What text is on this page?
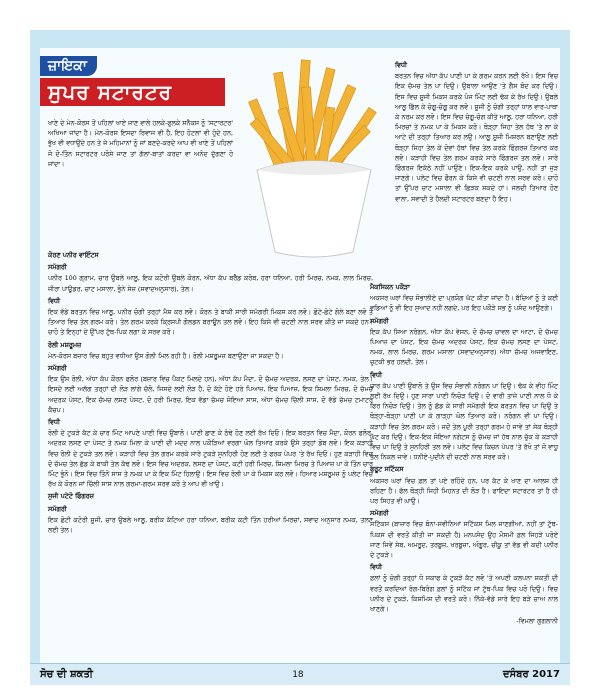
ਜ਼ਾਇਕਾ
ਸੁਪਰ ਸਟਾਰਟਰ

ਖਾਣੇ ਦੇ ਮੇਨ-ਕੋਰਸ ਤੋਂ ਪਹਿਲਾਂ ਖਾਏ ਜਾਣ ਵਾਲੇ ਹਲਕੇ-ਫੁਲਕੇ ਸਨੈਕਸ ਨੂੰ 'ਸਟਾਰਟਰ' ਅਖਿਆ ਜਾਂਦਾ ਹੈ। ਮੇਨ-ਕੋਰਸ ਇਸਦਾ ਰਿਵਾਜ ਵੀ ਹੈ, ਇਹ ਹੋਟਲਾਂ ਵੀ ਹੁੰਦੇ ਹਨ, ਭੁੱਖ ਵੀ ਵਧਾਉਂਦੇ ਹਨ ਤੇ ਜੇ ਮਹਿਮਾਨਾਂ ਨੂੰ ਜਾਂ ਬਣਦੇ-ਕਰਦੇ ਆਪ ਵੀ ਖਾਣੇ ਤੋਂ ਪਹਿਲਾਂ ਜੋ ਦੋ-ਤਿੰਨ ਸਟਾਰਟਰ ਪਰੋਸੇ ਜਾਣ ਤਾਂ ਗੱਲਾਂ-ਬਾਤਾਂ ਕਰਦਾ ਵਾ ਅਨੰਦ ਦੁੱਗਣਾ ਹੋ ਜਾਂਦਾ।

ਕੋਰਣ ਪਨੀਰ ਵਾਇੰਟਸ
ਸਮੱਗਰੀ

ਪਨੀਰ 100 ਗ੍ਰਾਮ, ਚਾਰ ਉਬਲੇ ਆਲੂ, ਇਕ ਕਟੋਰੀ ਉਬਲੇ ਕੋਰਨ, ਅੱਧਾ ਕੱਪ ਬਰੈੱਡ ਕਰੰਬ, ਹਰਾ ਧਨਿਆ, ਹਰੀ ਮਿਰਚ, ਨਮਕ, ਲਾਲ ਮਿਰਚ, ਜੀਰਾ ਪਾਊਡਰ, ਚਾਟ ਮਸਾਲਾ, ਭੁੰਨੇ ਸੇਜ਼ (ਸਵਾਦਅਨੁਸਾਰ), ਤੇਲ।

ਵਿਧੀ

ਇਕ ਵੱਡੇ ਬਰਤਨ ਵਿਚ ਆਲੂ, ਪਨੀਰ ਚੰਗੀ ਤਰ੍ਹਾਂ ਮੈਸ਼ ਕਰ ਲਵੋ। ਕੋਰਨ ਤੇ ਬਾਕੀ ਸਾਰੀ ਸਮੱਗਰੀ ਮਿਕਸ ਕਰ ਲਵੋ। ਛੋਟੇ-ਛੋਟੇ ਗੋਲੇ ਬਣਾ ਲਵੋ ਤੇ ਤਿਆਰ ਵਿਚ ਤੇਲ ਗਰਮ ਕਰੋ। ਤੇਲ ਗਰਮ ਕਰਕੇ ਕ੍ਰਿਸਪੀ ਗੋਲਡਨ ਬਰਾਊਨ ਤਲ ਲਵੋ। ਇਹ ਕਿਸੇ ਵੀ ਚਟਣੀ ਨਾਲ ਸਰਵ ਕੀਤੇ ਜਾ ਸਕਦੇ ਹਨ। ਚਾਹੋ ਤੇ ਇਨ੍ਹਾਂ ਦੇ ਉੱਪਰ ਟੁੱਥ-ਪਿਕ ਲਗਾ ਕੇ ਸਰਵ ਕਰੋ।

ਰੋਲੀ ਮਸ਼ਰੂਮਜ਼

ਮੇਨ-ਕੋਰਸ ਬਜ਼ਾਰ ਵਿਚ ਬਹੁਤ ਵਧੀਆ ਉਸ ਗੋਲੀ ਮਿਲ ਰਹੀ ਹੈ। ਰੋਲੀ ਮਸ਼ਰੂਮਜ਼ ਬਣਾਉਣਾ ਜਾ ਸਕਦਾ ਹੈ।

ਸਮੱਗਰੀ

ਇਕ ਉਸ ਰੋਲੀ, ਅੱਧਾ ਕੱਪ ਕੌਰਨ ਫਲੋਰ (ਬਜ਼ਾਰ ਵਿਚ ਪੈਕਟ ਮਿਲਦੇ ਹਨ), ਅੱਧਾ ਕੱਪ ਮੈਦਾ, ਦੋ ਚੱਮਚ ਅਦਰਕ, ਲਸਣ ਦਾ ਪੇਸਟ, ਨਮਕ, ਤੇਲ। ਇਸਦੇ ਲਈ ਅਲੱਗ ਤਰ੍ਹਾਂ ਦੀ ਲੋੜ ਲਾਂਗੇ ਚੱਲੋ, ਜਿਸਦੇ ਲਈ ਲੋੜ ਹੈ, ਦੋ ਕੱਟੇ ਹੋਏ ਹਰੇ ਪਿਆਜ਼, ਇਕ ਪਿਆਜ਼, ਇਕ ਸ਼ਿਮਲਾ ਮਿਰਚ, ਦੋ ਚੱਮਚ ਅਦਰਕ ਪੇਸਟ, ਇਕ ਚੱਮਚ ਲਸਣ ਪੇਸਟ, ਦੋ ਹਰੀ ਮਿਰਚ, ਇਕ ਵੱਡਾ ਚੱਮਚ ਸੋਇਆ ਸਾਸ, ਅੱਧਾ ਚੱਮਚ ਚਿੱਲੀ ਸਾਸ, ਦੋ ਵੱਡੇ ਚੱਮਚ ਟਮਾਟਰ ਕੈਚਪ।

ਵਿਧੀ

ਰੋਲੀ ਦੇ ਟੁਕੜੇ ਕੱਟ ਕੇ ਚਾਰ ਮਿੰਟ ਆਪਣੇ ਪਾਣੀ ਵਿਚ ਉਬਾਲੋ। ਪਾਣੀ ਛਾਣ ਕੇ ਠੰਢੇ ਹੋਣ ਲਈ ਰੱਖ ਦਿਓ। ਇਕ ਬਰਤਨ ਵਿਚ ਮੈਦਾ, ਕੋਰਨ ਫਲੋਰ, ਅਦਰਕ ਲਸਣ ਦਾ ਪੇਸਟ ਤੇ ਨਮਕ ਮਿਲਾ ਕੇ ਪਾਣੀ ਦੀ ਮਦਦ ਨਾਲ ਪਕੌੜਿਆਂ ਵਰਗਾ ਘੋਲ ਤਿਆਰ ਕਰਕੇ ਉਸੇ ਤਰ੍ਹਾਂ ਡੋਬ ਲਵੋ। ਇਕ ਕੜਾਹੀ ਵਿਚ ਰੋਲੀ ਦੇ ਟੁਕੜੇ ਤਲ ਲਵੋ। ਕੜਾਹੀ ਵਿਚ ਤੇਲ ਗਰਮ ਕਰਕੇ ਸਾਰੇ ਟੁਕੜੇ ਸੁਨਹਿਰੀ ਹੋਣ ਲਈ ਤੇ ਫਰਕ ਪੇਪਰ 'ਤੇ ਰੱਖ ਦਿਓ। ਹੁਣ ਕੜਾਹੀ ਵਿਚ ਦੋ ਚੱਮਚ ਤੇਲ ਛੱਡ ਕੇ ਬਾਕੀ ਤੇਲ ਕੱਢ ਲਵੋ। ਇਸ ਵਿਚ ਅਦਰਕ, ਲਸਣ ਦਾ ਪੇਸਟ, ਕਟੀ ਹਰੀ ਮਿਰਚ, ਸ਼ਿਮਲਾ ਮਿਰਚ ਤੇ ਪਿਆਜ਼ ਪਾ ਕੇ ਤਿੰਨ ਚਾਰ ਮਿੰਟ ਭੁੰਨੋ। ਇਸ ਵਿਚ ਤਿੰਨੋਂ ਸਾਸ ਤੇ ਨਮਕ ਪਾ ਕੇ ਇਕ ਮਿੰਟ ਹਿਲਾਉ। ਇਸ ਵਿਚ ਰੋਲੀ ਪਾ ਕੇ ਮਿਕਸ ਕਰ ਲਵੋ। ਹਿਆਰ ਮਸ਼ਰੂਮਜ਼ ਨੂੰ ਪਲੇਟ ਵਿਚ ਰੱਖ ਕੇ ਕੋਰਨ ਜਾਂ ਚਿੱਲੀ ਸਾਸ ਨਾਲ ਗਰਮਾ-ਗਰਮ ਸਰਵ ਕਰੋ ਤੇ ਆਪ ਵੀ ਖਾਉ।

ਸੁਜੀ ਪਟੇਟੋ ਫਿੰਗਰਜ਼
ਸਮੱਗਰੀ

ਇਕ ਛੋਟੀ ਕਟੋਰੀ ਸੂਜੀ, ਚਾਰ ਉਬਲੇ ਆਲੂ, ਬਰੀਕ ਕੱਟਿਆ ਹਰਾ ਧਨਿਆ, ਬਰੀਕ ਕਟੀ ਤਿੰਨ ਹਰੀਆਂ ਮਿਰਚਾਂ, ਸਵਾਦ ਅਨੁਸਾਰ ਨਮਕ, ਤਲਣ ਲਈ ਤੇਲ।

ਵਿਧੀ

ਬਰਤਨ ਵਿਚ ਅੱਧਾ ਕੱਪ ਪਾਣੀ ਪਾ ਕੇ ਗਰਮ ਕਰਨ ਲਈ ਰੱਖੋ। ਇਸ ਵਿਚ ਇਕ ਚੱਮਚ ਤੇਲ ਪਾ ਦਿਉ। ਉਬਾਲਾ ਆਉਣ 'ਤੇ ਗੈਸ ਬੰਦ ਕਰ ਦਿਉ। ਇਸ ਵਿਚ ਸੂਜੀ ਮਿਕਸ ਕਰਕੇ ਪੰਜ ਮਿੰਟ ਲਈ ਢੱਕ ਕੇ ਰੱਖ ਦਿਉ। ਉਬਲੇ ਆਲੂ ਛਿੱਲ ਕੇ ਚੰਗੂ-ਚੰਗੂ ਕਰ ਲਵੋ। ਸੂਜੀ ਨੂੰ ਚੰਗੀ ਤਰ੍ਹਾਂ ਧਾਲ ਵਾਰ-ਪਾਥਾ ਕੇ ਨਰਮ ਕਰ ਲਵੋ। ਇਸ ਵਿਚ ਚੰਗੂ-ਚੰਗ ਕੀਤੇ ਆਲੂ, ਹਰਾ ਧਨਿਆ, ਹਰੀ ਮਿਰਚਾਂ ਤੇ ਨਮਕ ਪਾ ਕੇ ਮਿਕਸ ਕਰੋ। ਥੋੜ੍ਹਾ ਜਿਹਾ ਤੇਲ ਹੱਥ 'ਤੇ ਲਾ ਕੇ ਆਟੇ ਦੀ ਤਰ੍ਹਾਂ ਤਿਆਰ ਕਰ ਲਉ। ਆਲੂ ਸੂਜੀ ਮਿਸ਼ਰਨ ਬਣਾਉਣ ਲਈ ਥੋੜ੍ਹਾ ਜਿਹਾ ਤੇਲ ਕੇ ਦੋਵਾਂ ਹੱਥਾਂ ਵਿਚ ਤੇਲ ਕਰਕੇ ਫਿੰਗਰਜ਼ ਤਿਆਰ ਕਰ ਲਵੋ। ਕੜਾਹੀ ਵਿਚ ਤੇਲ ਗਰਮ ਕਰਕੇ ਸਾਰੇ ਫਿੰਗਰਜ਼ ਤਲ ਲਵੋ। ਸਾਰੇ ਫਿੰਗਰਜ਼ ਇਕੱਠੇ ਨਹੀਂ ਪਾਉਣੇ। ਇਕ-ਇਕ ਕਰਕੇ ਪਾਉ, ਨਹੀਂ ਤਾਂ ਜੁੜ ਜਾਣਗੇ। ਪਲੇਟ ਵਿਚ ਫੌਰਨ ਕੇ ਕਿਸੇ ਵੀ ਚਟਣੀ ਨਾਲ ਸਰਵ ਕਰੋ। ਚਾਹੋ ਤਾਂ ਉੱਪਰ ਚਾਟ ਮਸਾਲਾ ਵੀ ਛਿੜਕ ਸਕਦੇ ਹਾਂ। ਜਲਦੀ ਤਿਆਰ ਹੋਣ ਵਾਲਾ, ਸਵਾਦੀ ਤੇ ਹੈਲਦੀ ਸਟਾਰਟਰ ਬਣਦਾ ਹੈ ਇਹ।

ਮੈਕਸਿਕਨ ਪਕੌੜਾ

ਅਕਸਰ ਘਰਾਂ ਵਿਚ ਸੰਭਾਲੀਏ ਦਾ ਪ੍ਰਯੋਗ ਘੱਟ ਕੀਤਾ ਜਾਂਦਾ ਹੈ। ਬੱਚਿਆਂ ਨੂੰ ਤੇ ਕਈ ਵਡਿਆਂ ਨੂੰ ਵੀ ਇਹ ਸੁਆਦ ਨਹੀਂ ਲਗਦੇ, ਪਰ ਇਹ ਪਕੌੜੇ ਸਭ ਨੂੰ ਪਸੰਦ ਆਉਣਗੇ।

ਸਮੱਗਰੀ

ਇਕ ਕੱਪ ਸਿਆ ਨਰੰਗਨ, ਅੱਧਾ ਕੱਪ ਵੇਸਨ, ਦੋ ਚੱਮਚ ਚਾਵਲ ਦਾ ਆਟਾ, ਦੋ ਚੱਮਚ ਪਿਆਜ਼ ਦਾ ਪੇਸਟ, ਇਕ ਚੱਮਚ ਅਦਰਕ ਪੇਸਟ, ਇਕ ਚੱਮਚ ਲਸਣ ਦਾ ਪੇਸਟ, ਨਮਕ, ਲਾਲ ਮਿਰਚ, ਗਰਮ ਮਸਾਲਾ (ਸਵਾਦਅਨੁਸਾਰ) ਅੱਧਾ ਚੱਮਚ ਅਜਵਾਇਣ, ਚੁਟਕੀ ਭਰ ਹਲਦੀ, ਤੇਲ।

ਵਿਧੀ

ਚਾਰ ਕੱਪ ਪਾਣੀ ਉਬਾਲੋ ਤੇ ਉਸ ਵਿਚ ਸੰਭਾਲੀ ਨਰੰਗਨ ਪਾ ਦਿਉ। ਢੱਕ ਕੇ ਵੀਹ ਮਿੰਟ ਲਈ ਰੱਖ ਦਿਉ। ਹੁਣ ਸਾਰਾ ਪਾਣੀ ਨਿਚੋੜ ਦਿਉ। ਦੋ ਵਾਰੀ ਤਾਜ਼ੇ ਪਾਣੀ ਨਾਲ ਧੋ ਕੇ ਫਿਰ ਨਿਚੋੜ ਦਿਉ। ਤੇਲ ਨੂੰ ਛੱਡ ਕੇ ਸਾਰੀ ਸਮੱਗਰੀ ਇਕ ਬਰਤਨ ਵਿਚ ਪਾ ਦਿਉ ਤੇ ਥੋੜ੍ਹਾ-ਥੋੜ੍ਹਾ ਪਾਣੀ ਪਾ ਕੇ ਗਾੜ੍ਹਾ ਘੋਲ ਤਿਆਰ ਕਰੋ। ਨਰੰਗਨ ਵੀ ਪਾ ਦਿਉ। ਕੜਾਹੀ ਵਿਚ ਤੇਲ ਗਰਮ ਕਰੋ। ਜਦੋਂ ਤੇਲ ਪੂਰੀ ਤਰ੍ਹਾਂ ਗਰਮ ਹੋ ਜਾਵੇ ਤਾਂ ਸੇਕ ਥੋੜ੍ਹੀ ਘੱਟ ਕਰ ਦਿਉ। ਇਕ-ਇਕ ਸੋਇਆ ਨਗੇਟਸ ਨੂੰ ਚੱਮਚ ਜਾਂ ਹੱਥ ਨਾਲ ਚੁੱਕ ਕੇ ਕੜਾਹੀ ਵਿਚ ਪਾ ਦਿਉ ਤੇ ਸੁਨਹਿਰੀ ਤਲ ਲਵੋ। ਪਲੇਟ ਵਿਚ ਕਿਚਨ ਪੇਪਰ 'ਤੇ ਰੱਖੋ ਤਾਂ ਜੋ ਵਾਧੂ ਤੇਲ ਨਿਕਲ ਜਾਵੇ। ਧਨੀਏ-ਪੁਦੀਨੇ ਦੀ ਚਟਣੀ ਨਾਲ ਸਰਵ ਕਰੋ।

ਫਰੂਟ ਸਟਿੱਕਸ

ਅਕਸਰ ਘਰਾਂ ਵਿਚ ਫ਼ਲ ਤਾਂ ਪਏ ਰਹਿੰਦੇ ਹਨ, ਪਰ ਕੱਟ ਕੇ ਖਾਣ ਦਾ ਆਲਸ ਹੀ ਰਹਿਣਾ ਹੈ। ਫੱਲ ਥੋੜ੍ਹੀ ਜਿਹੀ ਮਿਹਨਤ ਦੀ ਲੋੜ ਹੈ। ਫਾਇਦਾ ਸਟਾਰਟਰ ਤਾਂ ਹੈ ਹੀ ਪਰ ਸਿਹਤ ਵੀ ਘਾਉ।

ਸਮੱਗਰੀ

ਸਟਿੱਕਸ (ਬਾਜ਼ਾਰ ਵਿਚ ਬੰਨਾ-ਸਵੀਨਿਆਂ ਸਟਿੱਕਸ ਮਿਲ ਜਾਣਗੀਆਂ, ਨਹੀਂ ਤਾਂ ਟੁੱਥ-ਪਿਕਸ ਦੀ ਵਰਤੋਂ ਕੀਤੀ ਜਾ ਸਕਦੀ ਹੈ) ਮਨਪਸੰਦ ਉਹ ਮੌਸਮੀ ਫ਼ਲ ਜਿਹੜੇ ਪਰੋਏ ਜਾਣ ਜਿਵੇਂ ਸੇਬ, ਅਮਰੂਦ, ਤਰਬੂਜ਼, ਖਰਬੂਜ਼ਾ, ਅੰਗੂਰ, ਚੀਕੂ ਤਾਂ ਵੱਡ ਵੀ ਕਦੀ ਪਨੀਰ ਦੇ ਟੁਕੜੇ।

ਵਿਧੀ

ਫ਼ਲਾਂ ਨੂੰ ਚੰਗੀ ਤਰ੍ਹਾਂ ਧੋ ਸਕਾਫ ਕੇ ਟੁਕੜੇ ਕੱਟ ਲਵੋ 'ਤੇ ਅਪਣੀ ਕਲਪਨਾ ਸ਼ਕਤੀ ਦੀ ਵਰਤੋਂ ਕਰਦਿਆਂ ਰੰਗ-ਬਿਰੰਗ ਫ਼ਲਾਂ ਨੂੰ ਸਟਿੱਕ ਜਾਂ ਟੁੱਥ-ਪਿਕ ਵਿਚ ਪਰੋ ਦਿਉ। ਵਿਚ ਪਨੀਰ ਦੇ ਟੁਕੜੇ, ਕਿਸ਼ਮਿਸ਼ ਦੀ ਵਰਤੋਂ ਕਰੋ। ਨਿੱਕੇ-ਵੱਡੇ ਸਾਰੇ ਇਹ ਬੜੇ ਚਾਅ ਨਾਲ ਖਾਣਗੇ।

-ਵਿਮਲਾ ਗੁਗਲਾਨੀ

ਸੋਚ ਦੀ ਸ਼ਕਤੀ	18	ਦਸੰਬਰ 2017
